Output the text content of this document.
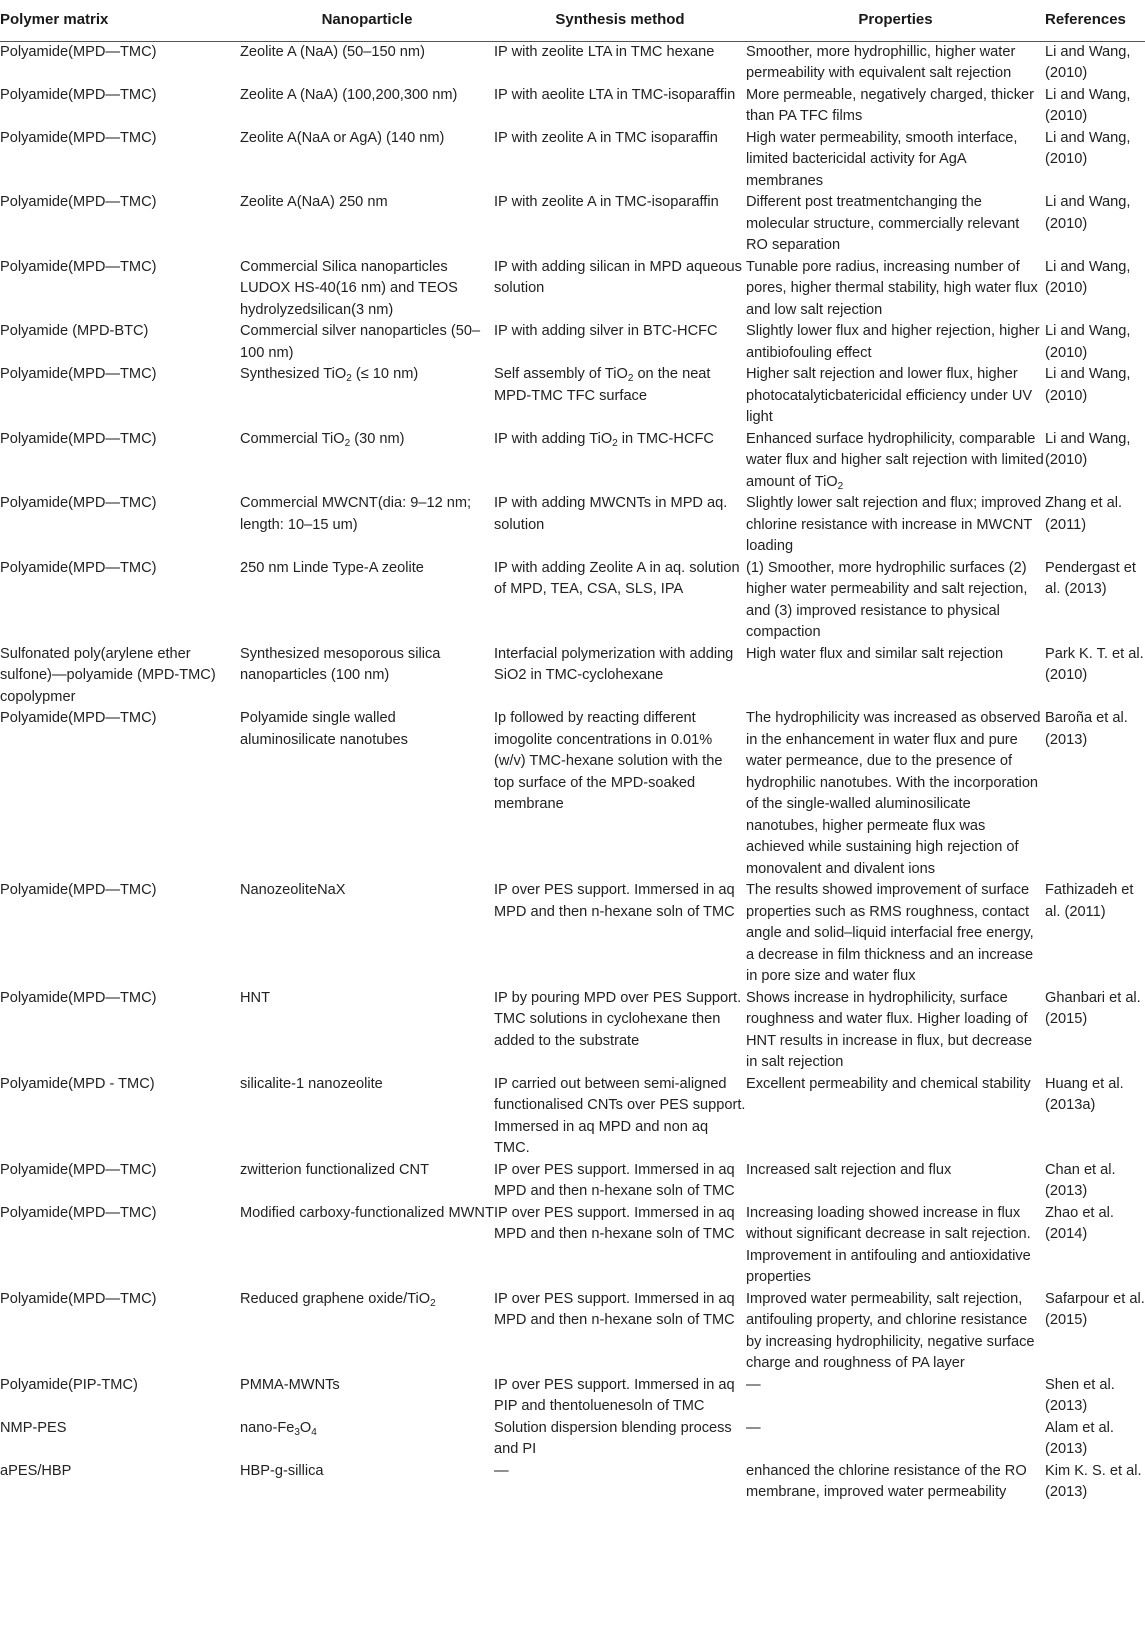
Polymer matrix	Nanoparticle	Synthesis method	Properties	References
Polyamide(MPD—TMC)	Zeolite A (NaA) (50–150 nm)	IP with zeolite LTA in TMC hexane	Smoother, more hydrophillic, higher water permeability with equivalent salt rejection	Li and Wang, (2010)
Polyamide(MPD—TMC)	Zeolite A (NaA) (100,200,300 nm)	IP with aeolite LTA in TMC-isoparaffin	More permeable, negatively charged, thicker than PA TFC films	Li and Wang, (2010)
Polyamide(MPD—TMC)	Zeolite A(NaA or AgA) (140 nm)	IP with zeolite A in TMC isoparaffin	High water permeability, smooth interface, limited bactericidal activity for AgA membranes	Li and Wang, (2010)
Polyamide(MPD—TMC)	Zeolite A(NaA) 250 nm	IP with zeolite A in TMC-isoparaffin	Different post treatmentchanging the molecular structure, commercially relevant RO separation	Li and Wang, (2010)
Polyamide(MPD—TMC)	Commercial Silica nanoparticles LUDOX HS-40(16 nm) and TEOS hydrolyzedsilican(3 nm)	IP with adding silican in MPD aqueous solution	Tunable pore radius, increasing number of pores, higher thermal stability, high water flux and low salt rejection	Li and Wang, (2010)
Polyamide (MPD-BTC)	Commercial silver nanoparticles (50–100 nm)	IP with adding silver in BTC-HCFC	Slightly lower flux and higher rejection, higher antibiofouling effect	Li and Wang, (2010)
Polyamide(MPD—TMC)	Synthesized TiO$_2$ (≤ 10 nm)	Self assembly of TiO$_2$ on the neat MPD-TMC TFC surface	Higher salt rejection and lower flux, higher photocatalyticbatericidal efficiency under UV light	Li and Wang, (2010)
Polyamide(MPD—TMC)	Commercial TiO$_2$ (30 nm)	IP with adding TiO$_2$ in TMC-HCFC	Enhanced surface hydrophilicity, comparable water flux and higher salt rejection with limited amount of TiO$_2$	Li and Wang, (2010)
Polyamide(MPD—TMC)	Commercial MWCNT(dia: 9–12 nm; length: 10–15 um)	IP with adding MWCNTs in MPD aq. solution	Slightly lower salt rejection and flux; improved chlorine resistance with increase in MWCNT loading	Zhang et al. (2011)
Polyamide(MPD—TMC)	250 nm Linde Type-A zeolite	IP with adding Zeolite A in aq. solution of MPD, TEA, CSA, SLS, IPA	(1) Smoother, more hydrophilic surfaces (2) higher water permeability and salt rejection, and (3) improved resistance to physical compaction	Pendergast et al. (2013)
Sulfonated poly(arylene ether sulfone)—polyamide (MPD-TMC) copolypmer	Synthesized mesoporous silica nanoparticles (100 nm)	Interfacial polymerization with adding SiO2 in TMC-cyclohexane	High water flux and similar salt rejection	Park K. T. et al. (2010)
Polyamide(MPD—TMC)	Polyamide single walled aluminosilicate nanotubes	Ip followed by reacting different imogolite concentrations in 0.01% (w/v) TMC-hexane solution with the top surface of the MPD-soaked membrane	The hydrophilicity was increased as observed in the enhancement in water flux and pure water permeance, due to the presence of hydrophilic nanotubes. With the incorporation of the single-walled aluminosilicate nanotubes, higher permeate flux was achieved while sustaining high rejection of monovalent and divalent ions	Baroña et al. (2013)
Polyamide(MPD—TMC)	NanozeoliteNaX	IP over PES support. Immersed in aq MPD and then n-hexane soln of TMC	The results showed improvement of surface properties such as RMS roughness, contact angle and solid–liquid interfacial free energy, a decrease in film thickness and an increase in pore size and water flux	Fathizadeh et al. (2011)
Polyamide(MPD—TMC)	HNT	IP by pouring MPD over PES Support. TMC solutions in cyclohexane then added to the substrate	Shows increase in hydrophilicity, surface roughness and water flux. Higher loading of HNT results in increase in flux, but decrease in salt rejection	Ghanbari et al. (2015)
Polyamide(MPD - TMC)	silicalite-1 nanozeolite	IP carried out between semi-aligned functionalised CNTs over PES support. Immersed in aq MPD and non aq TMC.	Excellent permeability and chemical stability	Huang et al. (2013a)
Polyamide(MPD—TMC)	zwitterion functionalized CNT	IP over PES support. Immersed in aq MPD and then n-hexane soln of TMC	Increased salt rejection and flux	Chan et al. (2013)
Polyamide(MPD—TMC)	Modified carboxy-functionalized MWNT	IP over PES support. Immersed in aq MPD and then n-hexane soln of TMC	Increasing loading showed increase in flux without significant decrease in salt rejection. Improvement in antifouling and antioxidative properties	Zhao et al. (2014)
Polyamide(MPD—TMC)	Reduced graphene oxide/TiO$_2$	IP over PES support. Immersed in aq MPD and then n-hexane soln of TMC	Improved water permeability, salt rejection, antifouling property, and chlorine resistance by increasing hydrophilicity, negative surface charge and roughness of PA layer	Safarpour et al. (2015)
Polyamide(PIP-TMC)	PMMA-MWNTs	IP over PES support. Immersed in aq PIP and thentoluenesoln of TMC	—	Shen et al. (2013)
NMP-PES	nano-$Fe_3O_4$	Solution dispersion blending process and PI	—	Alam et al. (2013)
aPES/HBP	HBP-g-sillica	—	enhanced the chlorine resistance of the RO membrane, improved water permeability	Kim K. S. et al. (2013)
